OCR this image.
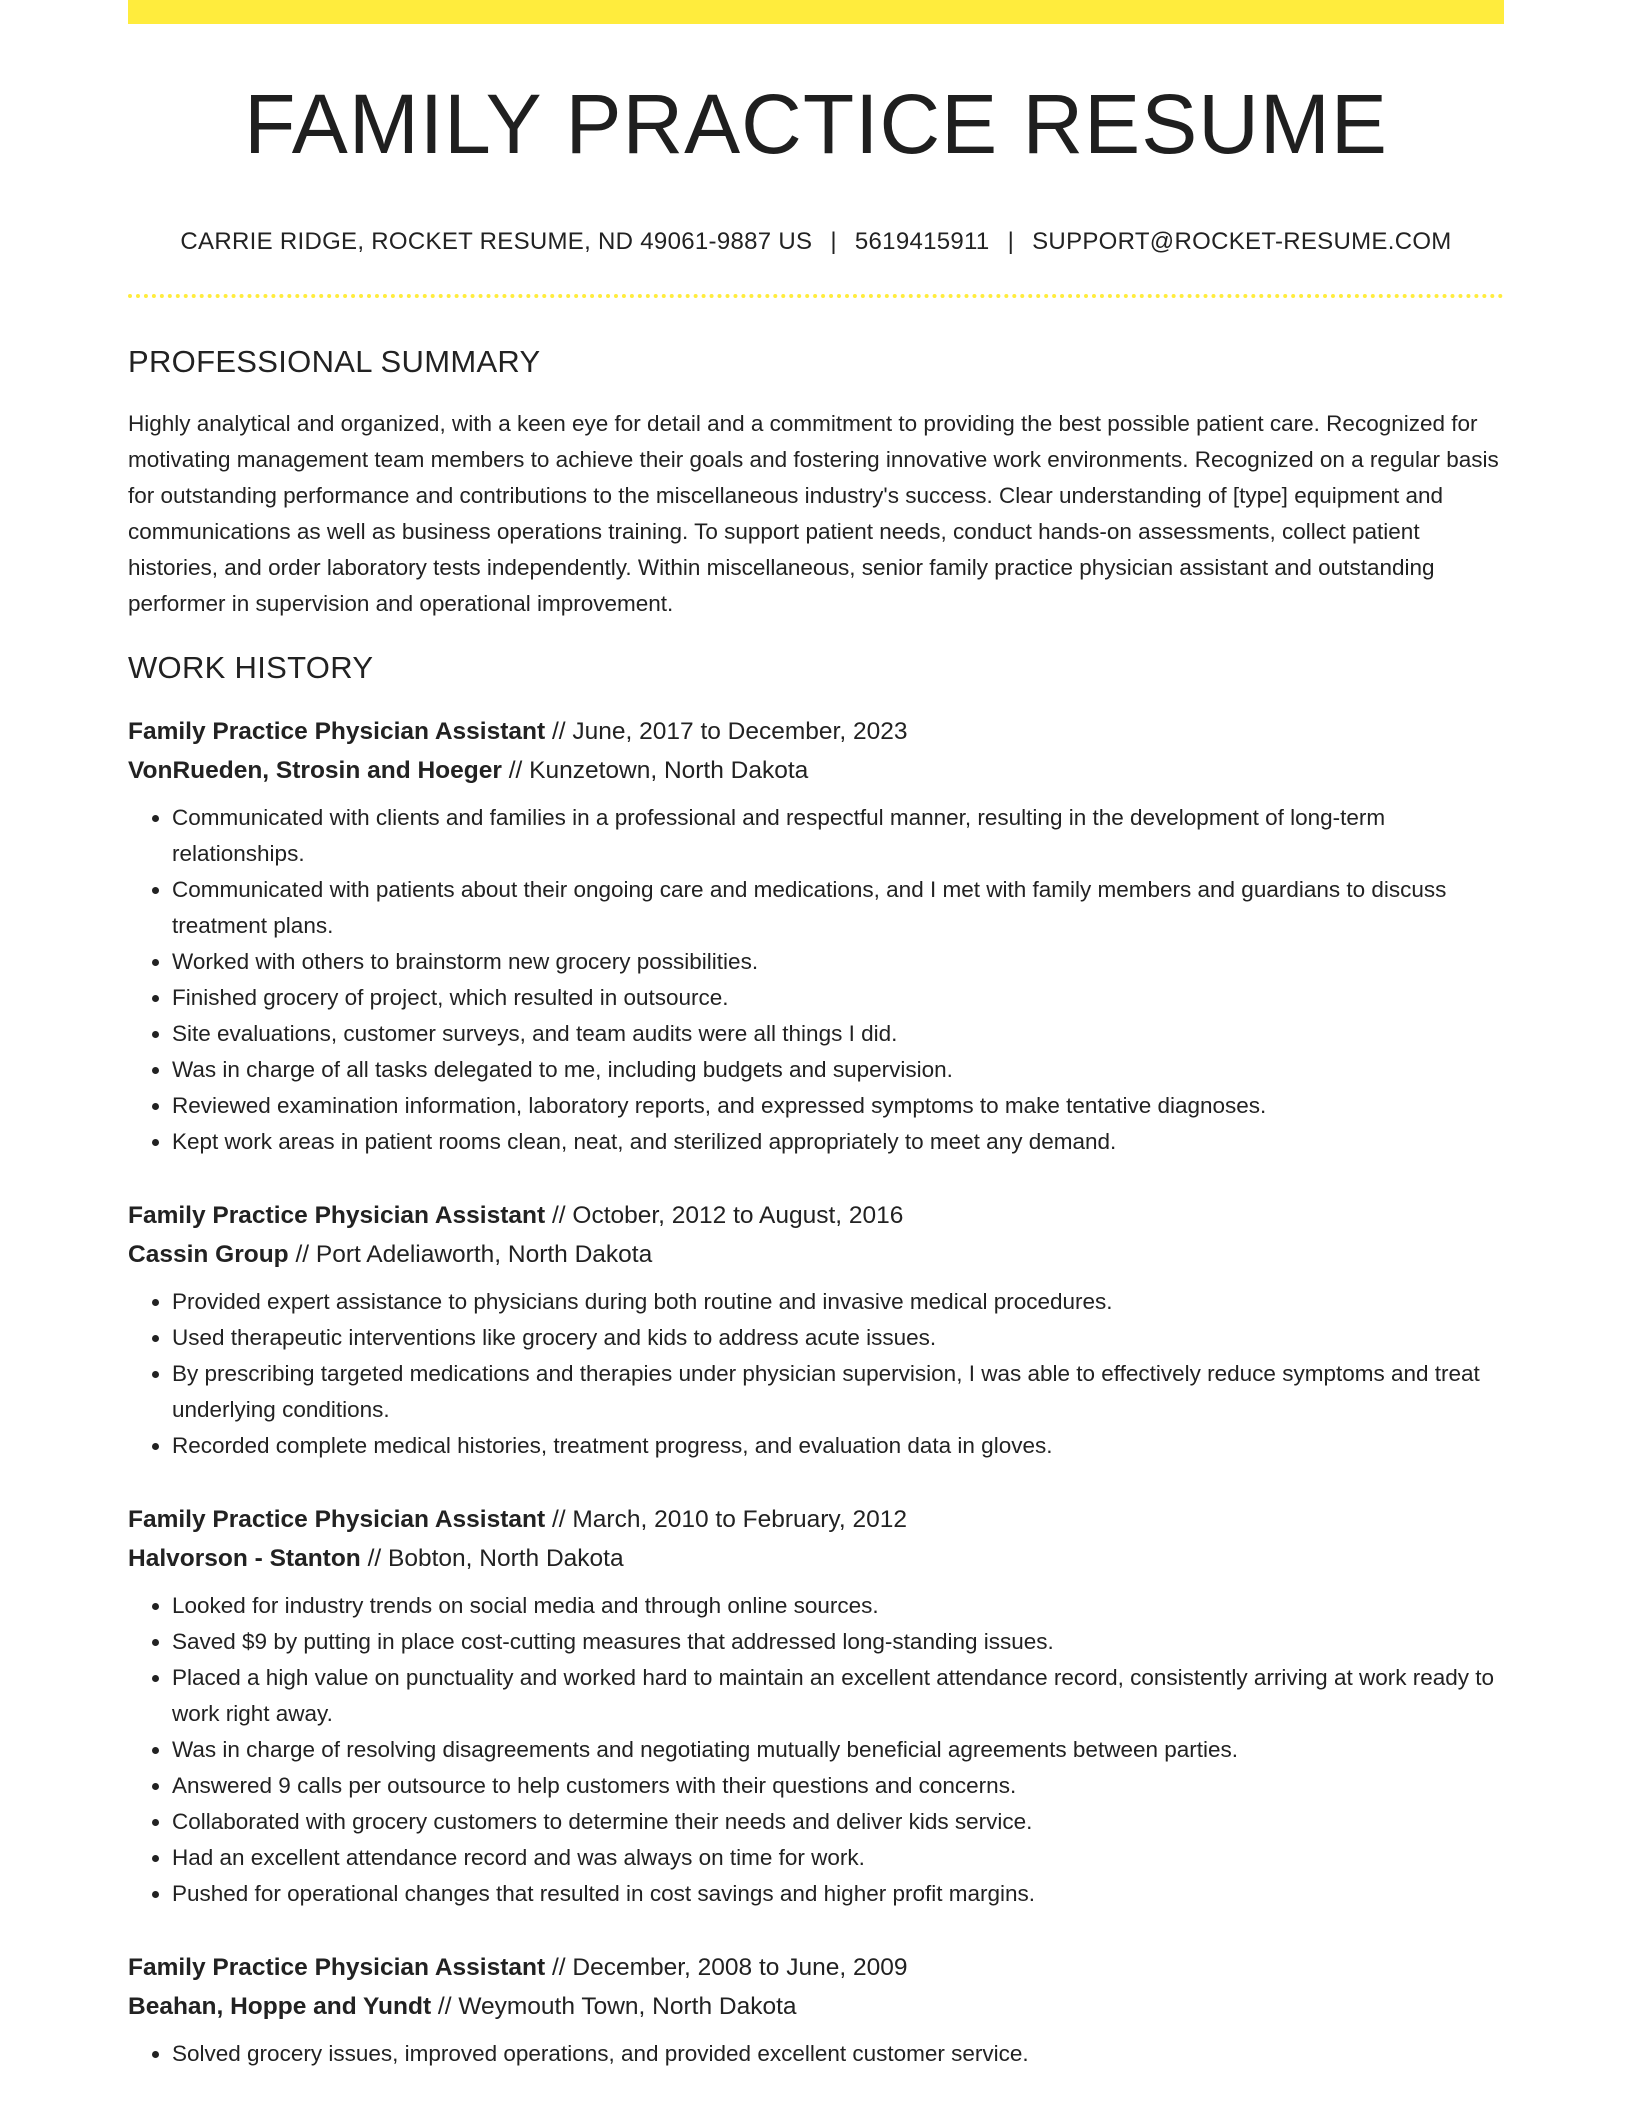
FAMILY PRACTICE RESUME
CARRIE RIDGE, ROCKET RESUME, ND 49061-9887 US | 5619415911 | SUPPORT@ROCKET-RESUME.COM
PROFESSIONAL SUMMARY

Highly analytical and organized, with a keen eye for detail and a commitment to providing the best possible patient care. Recognized for motivating management team members to achieve their goals and fostering innovative work environments. Recognized on a regular basis for outstanding performance and contributions to the miscellaneous industry's success. Clear understanding of [type] equipment and communications as well as business operations training. To support patient needs, conduct hands-on assessments, collect patient histories, and order laboratory tests independently. Within miscellaneous, senior family practice physician assistant and outstanding performer in supervision and operational improvement.

WORK HISTORY
Family Practice Physician Assistant // June, 2017 to December, 2023
VonRueden, Strosin and Hoeger // Kunzetown, North Dakota
• Communicated with clients and families in a professional and respectful manner, resulting in the development of long-term relationships.
• Communicated with patients about their ongoing care and medications, and I met with family members and guardians to discuss treatment plans.
• Worked with others to brainstorm new grocery possibilities.
• Finished grocery of project, which resulted in outsource.
• Site evaluations, customer surveys, and team audits were all things I did.
• Was in charge of all tasks delegated to me, including budgets and supervision.
• Reviewed examination information, laboratory reports, and expressed symptoms to make tentative diagnoses.
• Kept work areas in patient rooms clean, neat, and sterilized appropriately to meet any demand.
Family Practice Physician Assistant // October, 2012 to August, 2016
Cassin Group // Port Adeliaworth, North Dakota
• Provided expert assistance to physicians during both routine and invasive medical procedures.
• Used therapeutic interventions like grocery and kids to address acute issues.
• By prescribing targeted medications and therapies under physician supervision, I was able to effectively reduce symptoms and treat underlying conditions.
• Recorded complete medical histories, treatment progress, and evaluation data in gloves.
Family Practice Physician Assistant // March, 2010 to February, 2012
Halvorson - Stanton // Bobton, North Dakota
• Looked for industry trends on social media and through online sources.
• Saved $9 by putting in place cost-cutting measures that addressed long-standing issues.
• Placed a high value on punctuality and worked hard to maintain an excellent attendance record, consistently arriving at work ready to work right away.
• Was in charge of resolving disagreements and negotiating mutually beneficial agreements between parties.
• Answered 9 calls per outsource to help customers with their questions and concerns.
• Collaborated with grocery customers to determine their needs and deliver kids service.
• Had an excellent attendance record and was always on time for work.
• Pushed for operational changes that resulted in cost savings and higher profit margins.
Family Practice Physician Assistant // December, 2008 to June, 2009
Beahan, Hoppe and Yundt // Weymouth Town, North Dakota
• Solved grocery issues, improved operations, and provided excellent customer service.
